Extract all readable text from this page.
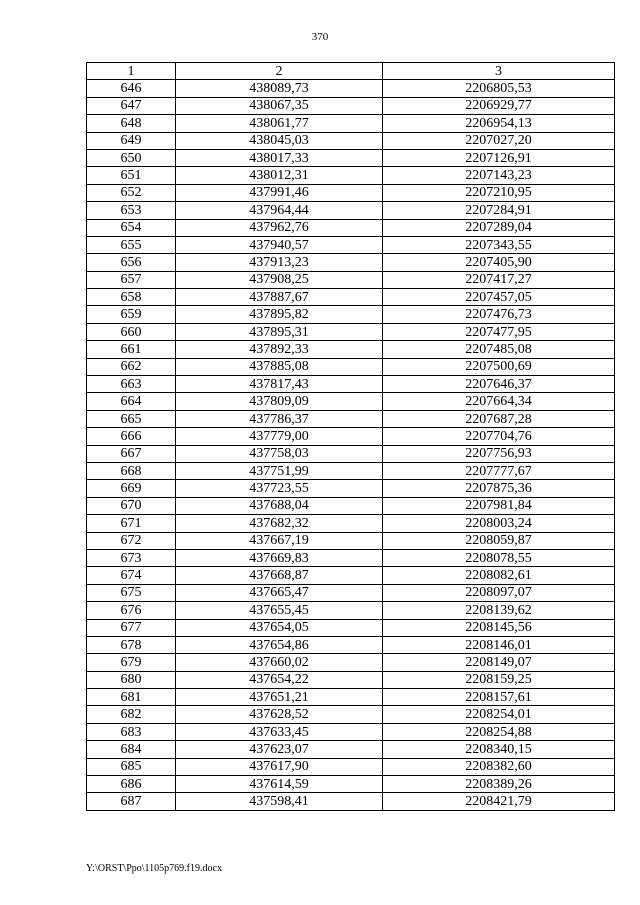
370
1	2	3
646	438089,73	2206805,53
647	438067,35	2206929,77
648	438061,77	2206954,13
649	438045,03	2207027,20
650	438017,33	2207126,91
651	438012,31	2207143,23
652	437991,46	2207210,95
653	437964,44	2207284,91
654	437962,76	2207289,04
655	437940,57	2207343,55
656	437913,23	2207405,90
657	437908,25	2207417,27
658	437887,67	2207457,05
659	437895,82	2207476,73
660	437895,31	2207477,95
661	437892,33	2207485,08
662	437885,08	2207500,69
663	437817,43	2207646,37
664	437809,09	2207664,34
665	437786,37	2207687,28
666	437779,00	2207704,76
667	437758,03	2207756,93
668	437751,99	2207777,67
669	437723,55	2207875,36
670	437688,04	2207981,84
671	437682,32	2208003,24
672	437667,19	2208059,87
673	437669,83	2208078,55
674	437668,87	2208082,61
675	437665,47	2208097,07
676	437655,45	2208139,62
677	437654,05	2208145,56
678	437654,86	2208146,01
679	437660,02	2208149,07
680	437654,22	2208159,25
681	437651,21	2208157,61
682	437628,52	2208254,01
683	437633,45	2208254,88
684	437623,07	2208340,15
685	437617,90	2208382,60
686	437614,59	2208389,26
687	437598,41	2208421,79
Y:\ORST\Ppo\1105p769.f19.docx
